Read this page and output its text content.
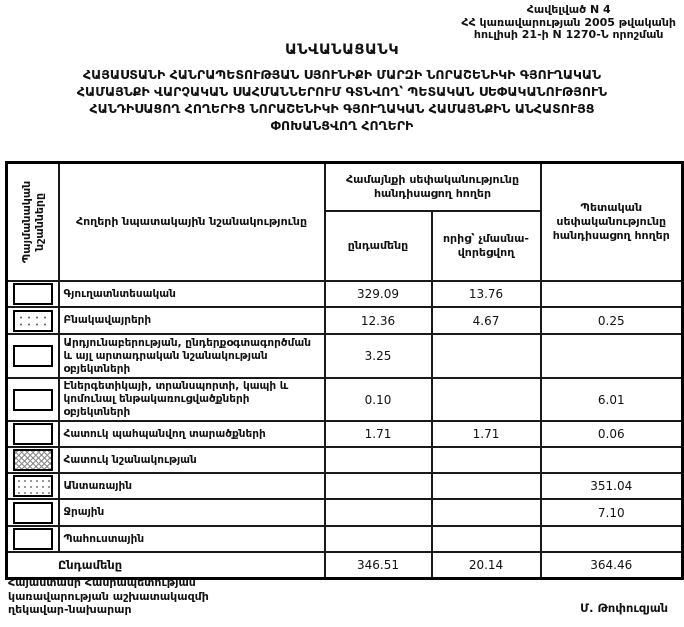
Հավելված N 4
ՀՀ կառավարության 2005 թվականի
հուլիսի 21-ի N 1270-Ն որոշման
ԱՆՎԱՆԱՑԱՆԿ
ՀԱՅԱՍՏԱՆԻ ՀԱՆՐԱՊԵՏՈՒԹՅԱՆ ՍՅՈՒՆԻՔԻ ՄԱՐԶԻ ՆՈՐԱՇԵՆԻԿԻ ԳՅՈՒՂԱԿԱՆ
ՀԱՄԱՅՆՔԻ ՎԱՐՉԱԿԱՆ ՍԱՀՄԱՆՆԵՐՈՒՄ ԳՏՆՎՈՂ՝ ՊԵՏԱԿԱՆ ՍԵՓԱԿԱՆՈՒԹՅՈՒՆ
ՀԱՆԴԻՍԱՑՈՂ ՀՈՂԵՐԻՑ ՆՈՐԱՇԵՆԻԿԻ ԳՅՈՒՂԱԿԱՆ ՀԱՄԱՅՆՔԻՆ ԱՆՀԱՏՈՒՅՑ
ՓՈԽԱՆՑՎՈՂ ՀՈՂԵՐԻ
Պայմանական նշանները	Հողերի նպատակային նշանակությունը	Համայնքի սեփականությունը հանդիսացող հողեր		Պետական սեփականությունը հանդիսացող հողեր
		ընդամենը	որից՝ չմասնա-
վորեցվող	

	Գյուղատնտեսական	329.09	13.76	

	Բնակավայրերի	12.36	4.67	0.25

	Արդյունաբերության, ընդերքօգտագործման և այլ արտադրական նշանակության օբյեկտների	3.25		

	Էներգետիկայի, տրանսպորտի, կապի և կոմունալ ենթակառուցվածքների օբյեկտների	0.10		6.01

	Հատուկ պահպանվող տարածքների	1.71	1.71	0.06

	Հատուկ նշանակության			

	Անտառային			351.04

	Ջրային			7.10

	Պահուստային			
Ընդամենը		346.51	20.14	364.46
Հայաստանի Հանրապետության
կառավարության աշխատակազմի
ղեկավար-նախարար	Մ. Թոփուզյան
